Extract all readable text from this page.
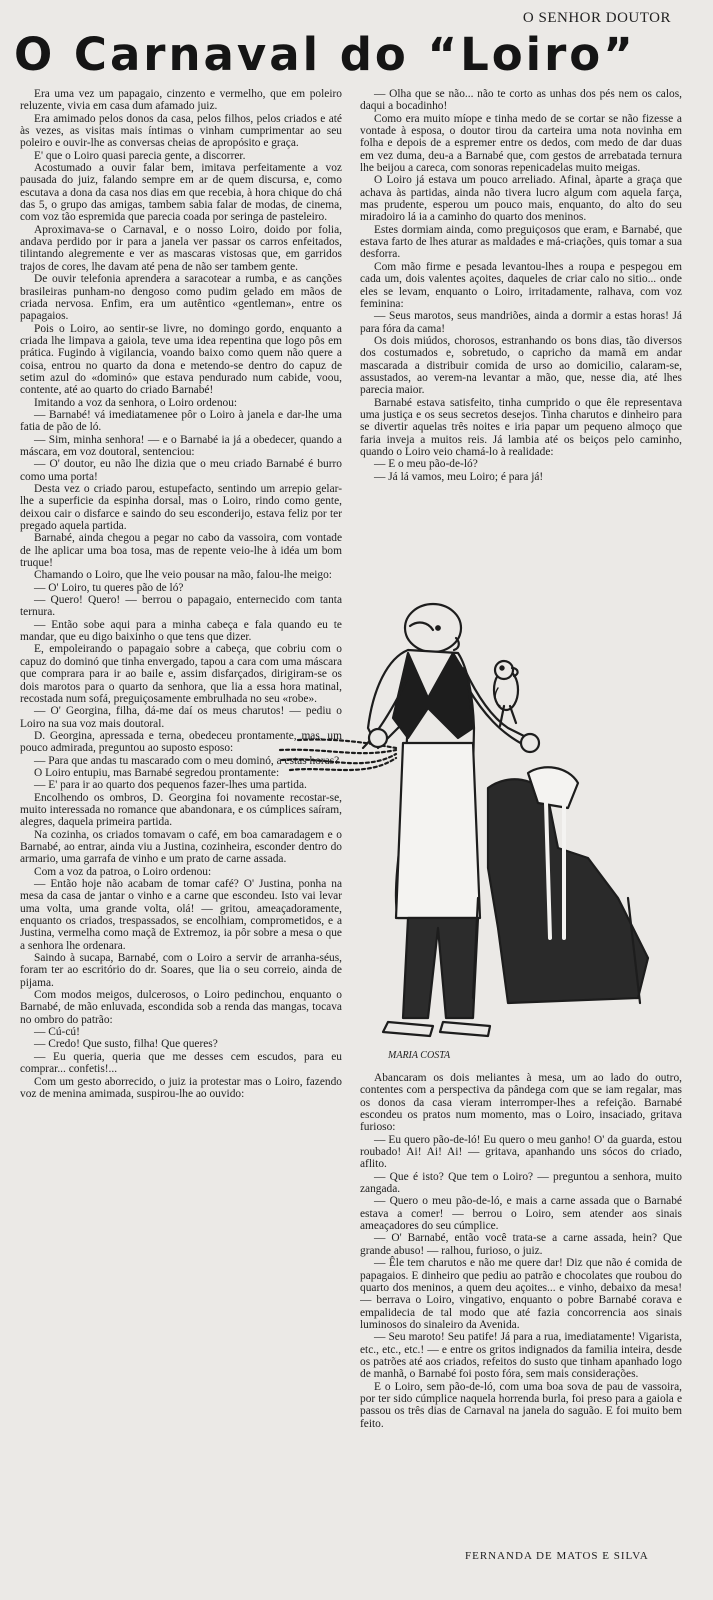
O SENHOR DOUTOR
O Carnaval do “Loiro”

Era uma vez um papagaio, cinzento e vermelho, que em poleiro reluzente, vivia em casa dum afamado juiz.

Era amimado pelos donos da casa, pelos filhos, pelos criados e até às vezes, as visitas mais íntimas o vinham cumprimentar ao seu poleiro e ouvir-lhe as conversas cheias de apropósito e graça.

E' que o Loiro quasi parecia gente, a discorrer.

Acostumado a ouvir falar bem, imitava perfeitamente a voz pausada do juiz, falando sempre em ar de quem discursa, e, como escutava a dona da casa nos dias em que recebia, à hora chique do chá das 5, o grupo das amigas, tambem sabia falar de modas, de cinema, com voz tão espremida que parecia coada por seringa de pasteleiro.

Aproximava-se o Carnaval, e o nosso Loiro, doido por folia, andava perdido por ir para a janela ver passar os carros enfeitados, tilintando alegremente e ver as mascaras vistosas que, em garridos trajos de cores, lhe davam até pena de não ser tambem gente.

De ouvir telefonia aprendera a saracotear a rumba, e as canções brasileiras punham-no dengoso como pudim gelado em mãos de criada nervosa. Enfim, era um autêntico «gentleman», entre os papagaios.

Pois o Loiro, ao sentir-se livre, no domingo gordo, enquanto a criada lhe limpava a gaiola, teve uma idea repentina que logo pôs em prática. Fugindo à vigilancia, voando baixo como quem não quere a coisa, entrou no quarto da dona e metendo-se dentro do capuz de setim azul do «dominó» que estava pendurado num cabide, voou, contente, até ao quarto do criado Barnabé!

Imitando a voz da senhora, o Loiro ordenou:

— Barnabé! vá imediatamenee pôr o Loiro à janela e dar-lhe uma fatia de pão de ló.

— Sim, minha senhora! — e o Barnabé ia já a obedecer, quando a máscara, em voz doutoral, sentenciou:

— O' doutor, eu não lhe dizia que o meu criado Barnabé é burro como uma porta!

Desta vez o criado parou, estupefacto, sentindo um arrepio gelar-lhe a superficie da espinha dorsal, mas o Loiro, rindo como gente, deixou cair o disfarce e saindo do seu esconderijo, estava feliz por ter pregado aquela partida.

Barnabé, ainda chegou a pegar no cabo da vassoira, com vontade de lhe aplicar uma boa tosa, mas de repente veio-lhe à idéa um bom truque!

Chamando o Loiro, que lhe veio pousar na mão, falou-lhe meigo:

— O' Loiro, tu queres pão de ló?

— Quero! Quero! — berrou o papagaio, enternecido com tanta ternura.

— Então sobe aqui para a minha cabeça e fala quando eu te mandar, que eu digo baixinho o que tens que dizer.

E, empoleirando o papagaio sobre a cabeça, que cobriu com o capuz do dominó que tinha envergado, tapou a cara com uma máscara que comprara para ir ao baile e, assim disfarçados, dirigiram-se os dois marotos para o quarto da senhora, que lia a essa hora matinal, recostada num sofá, preguiçosamente embrulhada no seu «robe».

— O' Georgina, filha, dá-me daí os meus charutos! — pediu o Loiro na sua voz mais doutoral.

D. Georgina, apressada e terna, obedeceu prontamente, mas, um pouco admirada, preguntou ao suposto esposo:

— Para que andas tu mascarado com o meu dominó, a estas horas?

O Loiro entupiu, mas Barnabé segredou prontamente:

— E' para ir ao quarto dos pequenos fazer-lhes uma partida.

Encolhendo os ombros, D. Georgina foi novamente recostar-se, muito interessada no romance que abandonara, e os cúmplices saíram, alegres, daquela primeira partida.

Na cozinha, os criados tomavam o café, em boa camaradagem e o Barnabé, ao entrar, ainda viu a Justina, cozinheira, esconder dentro do armario, uma garrafa de vinho e um prato de carne assada.

Com a voz da patroa, o Loiro ordenou:

— Então hoje não acabam de tomar café? O' Justina, ponha na mesa da casa de jantar o vinho e a carne que escondeu. Isto vai levar uma volta, uma grande volta, olá! — gritou, ameaçadoramente, enquanto os criados, trespassados, se encolhiam, comprometidos, e a Justina, vermelha como maçã de Extremoz, ia pôr sobre a mesa o que a senhora lhe ordenara.

Saindo à sucapa, Barnabé, com o Loiro a servir de arranha-séus, foram ter ao escritório do dr. Soares, que lia o seu correio, ainda de pijama.

Com modos meigos, dulcerosos, o Loiro pedinchou, enquanto o Barnabé, de mão enluvada, escondida sob a renda das mangas, tocava no ombro do patrão:

— Cú-cú!

— Credo! Que susto, filha! Que queres?

— Eu queria, queria que me desses cem escudos, para eu comprar... confetis!...

Com um gesto aborrecido, o juiz ia protestar mas o Loiro, fazendo voz de menina amimada, suspirou-lhe ao ouvido:

— Olha que se não... não te corto as unhas dos pés nem os calos, daqui a bocadinho!

Como era muito míope e tinha medo de se cortar se não fizesse a vontade à esposa, o doutor tirou da carteira uma nota novinha em folha e depois de a espremer entre os dedos, com medo de dar duas em vez duma, deu-a a Barnabé que, com gestos de arrebatada ternura lhe beijou a careca, com sonoras repenicadelas muito meigas.

O Loiro já estava um pouco arreliado. Afinal, àparte a graça que achava às partidas, ainda não tivera lucro algum com aquela farça, mas prudente, esperou um pouco mais, enquanto, do alto do seu miradoiro lá ia a caminho do quarto dos meninos.

Estes dormiam ainda, como preguiçosos que eram, e Barnabé, que estava farto de lhes aturar as maldades e má-criações, quis tomar a sua desforra.

Com mão firme e pesada levantou-lhes a roupa e pespegou em cada um, dois valentes açoites, daqueles de criar calo no sitio... onde eles se levam, enquanto o Loiro, irritadamente, ralhava, com voz feminina:

— Seus marotos, seus mandriões, ainda a dormir a estas horas! Já para fóra da cama!

Os dois miúdos, chorosos, estranhando os bons dias, tão diversos dos costumados e, sobretudo, o capricho da mamã em andar mascarada a distribuir comida de urso ao domicilio, calaram-se, assustados, ao verem-na levantar a mão, que, nesse dia, até lhes parecia maior.

Barnabé estava satisfeito, tinha cumprido o que êle representava uma justiça e os seus secretos desejos. Tinha charutos e dinheiro para se divertir aquelas três noites e iria papar um pequeno almoço que faria inveja a muitos reis. Já lambia até os beiços pelo caminho, quando o Loiro veio chamá-lo à realidade:

— E o meu pão-de-ló?

— Já lá vamos, meu Loiro; é para já!

MARIA COSTA

Abancaram os dois meliantes à mesa, um ao lado do outro, contentes com a perspectiva da pândega com que se iam regalar, mas os donos da casa vieram interromper-lhes a refeição. Barnabé escondeu os pratos num momento, mas o Loiro, insaciado, gritava furioso:

— Eu quero pão-de-ló! Eu quero o meu ganho! O' da guarda, estou roubado! Ai! Ai! Ai! — gritava, apanhando uns sócos do criado, aflito.

— Que é isto? Que tem o Loiro? — preguntou a senhora, muito zangada.

— Quero o meu pão-de-ló, e mais a carne assada que o Barnabé estava a comer! — berrou o Loiro, sem atender aos sinais ameaçadores do seu cúmplice.

— O' Barnabé, então você trata-se a carne assada, hein? Que grande abuso! — ralhou, furioso, o juiz.

— Êle tem charutos e não me quere dar! Diz que não é comida de papagaios. E dinheiro que pediu ao patrão e chocolates que roubou do quarto dos meninos, a quem deu açoites... e vinho, debaixo da mesa! — berrava o Loiro, vingativo, enquanto o pobre Barnabé corava e empalidecia de tal modo que até fazia concorrencia aos sinais luminosos do sinaleiro da Avenida.

— Seu maroto! Seu patife! Já para a rua, imediatamente! Vigarista, etc., etc., etc.! — e entre os gritos indignados da familia inteira, desde os patrões até aos criados, refeitos do susto que tinham apanhado logo de manhã, o Barnabé foi posto fóra, sem mais considerações.

E o Loiro, sem pão-de-ló, com uma boa sova de pau de vassoira, por ter sido cúmplice naquela horrenda burla, foi preso para a gaiola e passou os três dias de Carnaval na janela do saguão. E foi muito bem feito.

FERNANDA DE MATOS E SILVA
